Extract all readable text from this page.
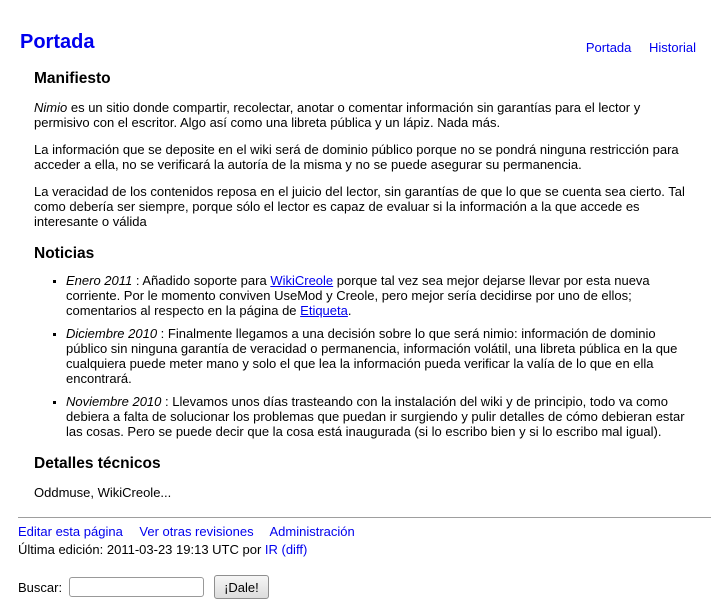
Portada Historial
Portada
Manifiesto

Nimio es un sitio donde compartir, recolectar, anotar o comentar información sin garantías para el lector y permisivo con el escritor. Algo así como una libreta pública y un lápiz. Nada más.

La información que se deposite en el wiki será de dominio público porque no se pondrá ninguna restricción para acceder a ella, no se verificará la autoría de la misma y no se puede asegurar su permanencia.

La veracidad de los contenidos reposa en el juicio del lector, sin garantías de que lo que se cuenta sea cierto. Tal como debería ser siempre, porque sólo el lector es capaz de evaluar si la información a la que accede es interesante o válida

Noticias
▪ Enero 2011 : Añadido soporte para WikiCreole porque tal vez sea mejor dejarse llevar por esta nueva corriente. Por le momento conviven UseMod y Creole, pero mejor sería decidirse por uno de ellos; comentarios al respecto en la página de Etiqueta.
▪ Diciembre 2010 : Finalmente llegamos a una decisión sobre lo que será nimio: información de dominio público sin ninguna garantía de veracidad o permanencia, información volátil, una libreta pública en la que cualquiera puede meter mano y solo el que lea la información pueda verificar la valía de lo que en ella encontrará.
▪ Noviembre 2010 : Llevamos unos días trasteando con la instalación del wiki y de principio, todo va como debiera a falta de solucionar los problemas que puedan ir surgiendo y pulir detalles de cómo debieran estar las cosas. Pero se puede decir que la cosa está inaugurada (si lo escribo bien y si lo escribo mal igual).
Detalles técnicos

Oddmuse, WikiCreole...

Editar esta página Ver otras revisiones Administración
Última edición: 2011-03-23 19:13 UTC por IR (diff)
Buscar:	¡Dale!
